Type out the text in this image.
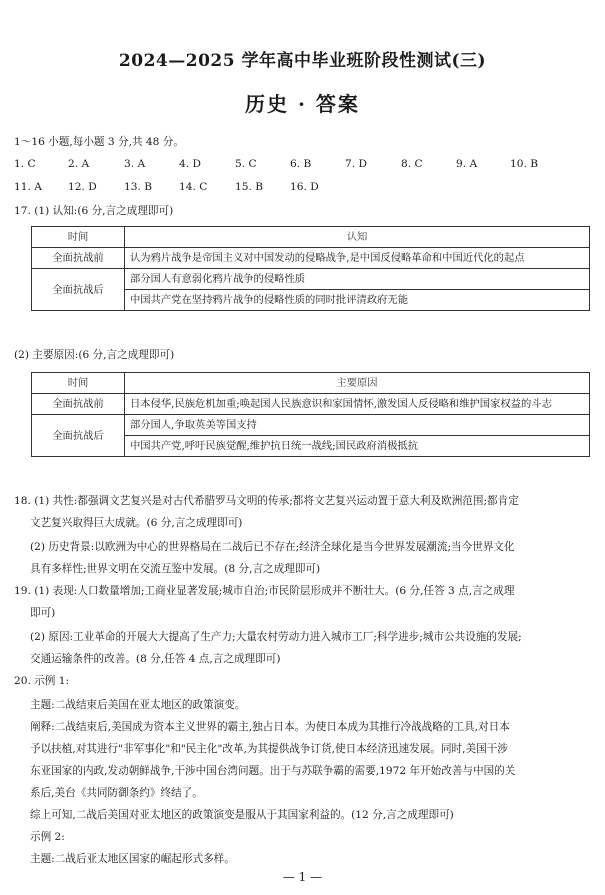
2024—2025 学年高中毕业班阶段性测试(三)
历史 · 答案
1～16 小题,每小题 3 分,共 48 分。
1. C	2. A	3. A	4. D	5. C	6. B	7. D	8. C	9. A	10. B
11. A 12. D	13. B	14. C	15. B	16. D
17. (1) 认知:(6 分,言之成理即可)
时间	认知
全面抗战前	认为鸦片战争是帝国主义对中国发动的侵略战争,是中国反侵略革命和中国近代化的起点
全面抗战后	部分国人有意弱化鸦片战争的侵略性质
	中国共产党在坚持鸦片战争的侵略性质的同时批评清政府无能
(2) 主要原因:(6 分,言之成理即可)
时间	主要原因
全面抗战前	日本侵华,民族危机加重;唤起国人民族意识和家国情怀,激发国人反侵略和维护国家权益的斗志
全面抗战后	部分国人,争取英美等国支持
	中国共产党,呼吁民族觉醒,维护抗日统一战线;国民政府消极抵抗
18. (1) 共性:都强调文艺复兴是对古代希腊罗马文明的传承;都将文艺复兴运动置于意大利及欧洲范围;都肯定
文艺复兴取得巨大成就。(6 分,言之成理即可)
(2) 历史背景:以欧洲为中心的世界格局在二战后已不存在;经济全球化是当今世界发展潮流;当今世界文化
具有多样性;世界文明在交流互鉴中发展。(8 分,言之成理即可)
19. (1) 表现:人口数量增加;工商业显著发展;城市自治;市民阶层形成并不断壮大。(6 分,任答 3 点,言之成理
即可)
(2) 原因:工业革命的开展大大提高了生产力;大量农村劳动力进入城市工厂;科学进步;城市公共设施的发展;
交通运输条件的改善。(8 分,任答 4 点,言之成理即可)
20. 示例 1:
主题:二战结束后美国在亚太地区的政策演变。
阐释:二战结束后,美国成为资本主义世界的霸主,独占日本。为使日本成为其推行冷战战略的工具,对日本
予以扶植,对其进行"非军事化"和"民主化"改革,为其提供战争订货,使日本经济迅速发展。同时,美国干涉
东亚国家的内政,发动朝鲜战争,干涉中国台湾问题。出于与苏联争霸的需要,1972 年开始改善与中国的关
系后,美台《共同防御条约》终结了。
综上可知,二战后美国对亚太地区的政策演变是服从于其国家利益的。(12 分,言之成理即可)
示例 2:
主题:二战后亚太地区国家的崛起形式多样。
— 1 —
